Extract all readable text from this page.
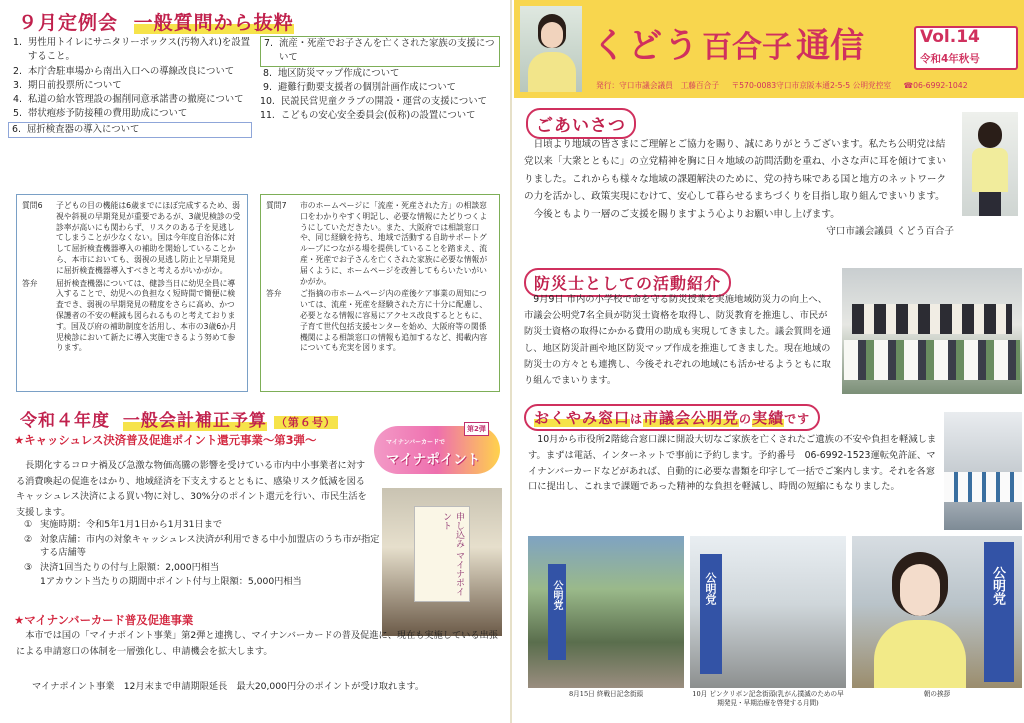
９月定例会 一般質問から抜粋
1. 男性用トイレにサニタリーボックス(汚物入れ)を設置すること。
2. 本庁舎駐車場から南出入口への導線改良について
3. 期日前投票所について
4. 私道の給水管理設の掘削同意承諾書の撤廃について
5. 帯状疱疹予防接種の費用助成について
6. 屈折検査器の導入について
7. 流産・死産でお子さんを亡くされた家族の支援について
8. 地区防災マップ作成について
9. 避難行動要支援者の個別計画作成について
10. 民説民営児童クラブの開設・運営の支援について
11. こどもの安心安全委員会(仮称)の設置について
質問6	子どもの目の機能は6歳までにほぼ完成するため、弱視や斜視の早期発見が重要であるが、3歳児検診の受診率が高いにも関わらず、リスクのある子を見逃してしまうことが少なくない。国は今年度自治体に対して屈折検査機器導入の補助を開始していることから、本市においても、弱視の見逃し防止と早期発見に屈折検査機器導入すべきと考えるがいかがか。
答弁	屈折検査機器については、健診当日に幼児全員に導入することで、幼児への負担なく短時間で簡便に検査でき、弱視の早期発見の精度をさらに高め、かつ保護者の不安の軽減も図られるものと考えております。国及び府の補助制度を活用し、本市の3歳6か月児検診において新たに導入実施できるよう努めて参ります。
質問7	市のホームページに「流産・死産された方」の相談窓口をわかりやすく明記し、必要な情報にたどりつくようにしていただきたい。また、大阪府では相談窓口や、同じ経験を持ち、地域で活動する自助サポートグループにつながる場を提供していることを踏まえ、流産・死産でお子さんを亡くされた家族に必要な情報が届くように、ホームページを改善してもらいたいがいかがか。
答弁	ご指摘の市ホームページ内の産後ケア事業の周知については、流産・死産を経験された方に十分に配慮し、必要となる情報に容易にアクセス改良するとともに、子育て世代包括支援センターを始め、大阪府等の関係機関による相談窓口の情報も追加するなど、掲載内容についても充実を図ります。
令和４年度 一般会計補正予算 （第６号）
★キャッシュレス決済普及促進ポイント還元事業～第3弾～	マイナンバーカードで
マイナポイント
第2弾

長期化するコロナ禍及び急激な物価高騰の影響を受けている市内中小事業者に対する消費喚起の促進をはかり、地域経済を下支えするとともに、感染リスク低減を図るキャッシュレス決済による買い物に対し、30%分のポイント還元を行い、市民生活を支援します。

① 実施時期：令和5年1月1日から1月31日まで
② 対象店舗：市内の対象キャッシュレス決済が利用できる中小加盟店のうち市が指定する店舗等
③ 決済1回当たりの付与上限額：2,000円相当
1アカウント当たりの期間中ポイント付与上限額：5,000円相当	申し込み マイナポイント
★マイナンバーカード普及促進事業

本市では国の「マイナポイント事業」第2弾と連携し、マイナンバーカードの普及促進に、現在も実施している出張による申請窓口の体制を一層強化し、申請機会を拡大します。

マイナポイント事業　12月末まで申請期限延長　最大20,000円分のポイントが受け取れます。

くどう百合子 通信	Vol.14
令和4年秋号
発行：守口市議会議員　工藤百合子 〒570-0083守口市京阪本通2-5-5 公明党控室 ☎06-6992-1042
ごあいさつ

日頃より地域の皆さまにご理解とご協力を賜り、誠にありがとうございます。私たち公明党は結党以来「大衆とともに」の立党精神を胸に日々地域の訪問活動を重ね、小さな声に耳を傾けてまいりました。これからも様々な地域の課題解決のために、党の持ち味である国と地方のネットワークの力を活かし、政策実現にむけて、安心して暮らせるまちづくりを目指し取り組んでまいります。

今後ともより一層のご支援を賜りますよう心よりお願い申し上げます。

守口市議会議員 くどう百合子

防災士としての活動紹介

9月9日 市内の小学校で命を守る防災授業を実施地域防災力の向上へ、市議会公明党7名全員が防災士資格を取得し、防災教育を推進し、市民が防災士資格の取得にかかる費用の助成も実現してきました。議会質問を通し、地区防災計画や地区防災マップ作成を推進してきました。現在地域の防災士の方々とも連携し、今後それぞれの地域にも活かせるようともに取り組んでまいります。

おくやみ窓口は市議会公明党の実績です

10月から市役所2階総合窓口課に開設大切なご家族を亡くされたご遺族の不安や負担を軽減します。まずは電話、インターネットで事前に予約します。予約番号　06-6992-1523運転免許証、マイナンバーカードなどがあれば、自動的に必要な書類を印字して一括でご案内します。それを各窓口に提出し、これまで課題であった精神的な負担を軽減し、時間の短縮にもなりました。

公明党	公明党	公明党
8月15日 終戦日記念街頭	10月 ピンクリボン記念街頭(乳がん撲滅のための早期発見・早期治療を啓発する月間)
朝の挨拶
